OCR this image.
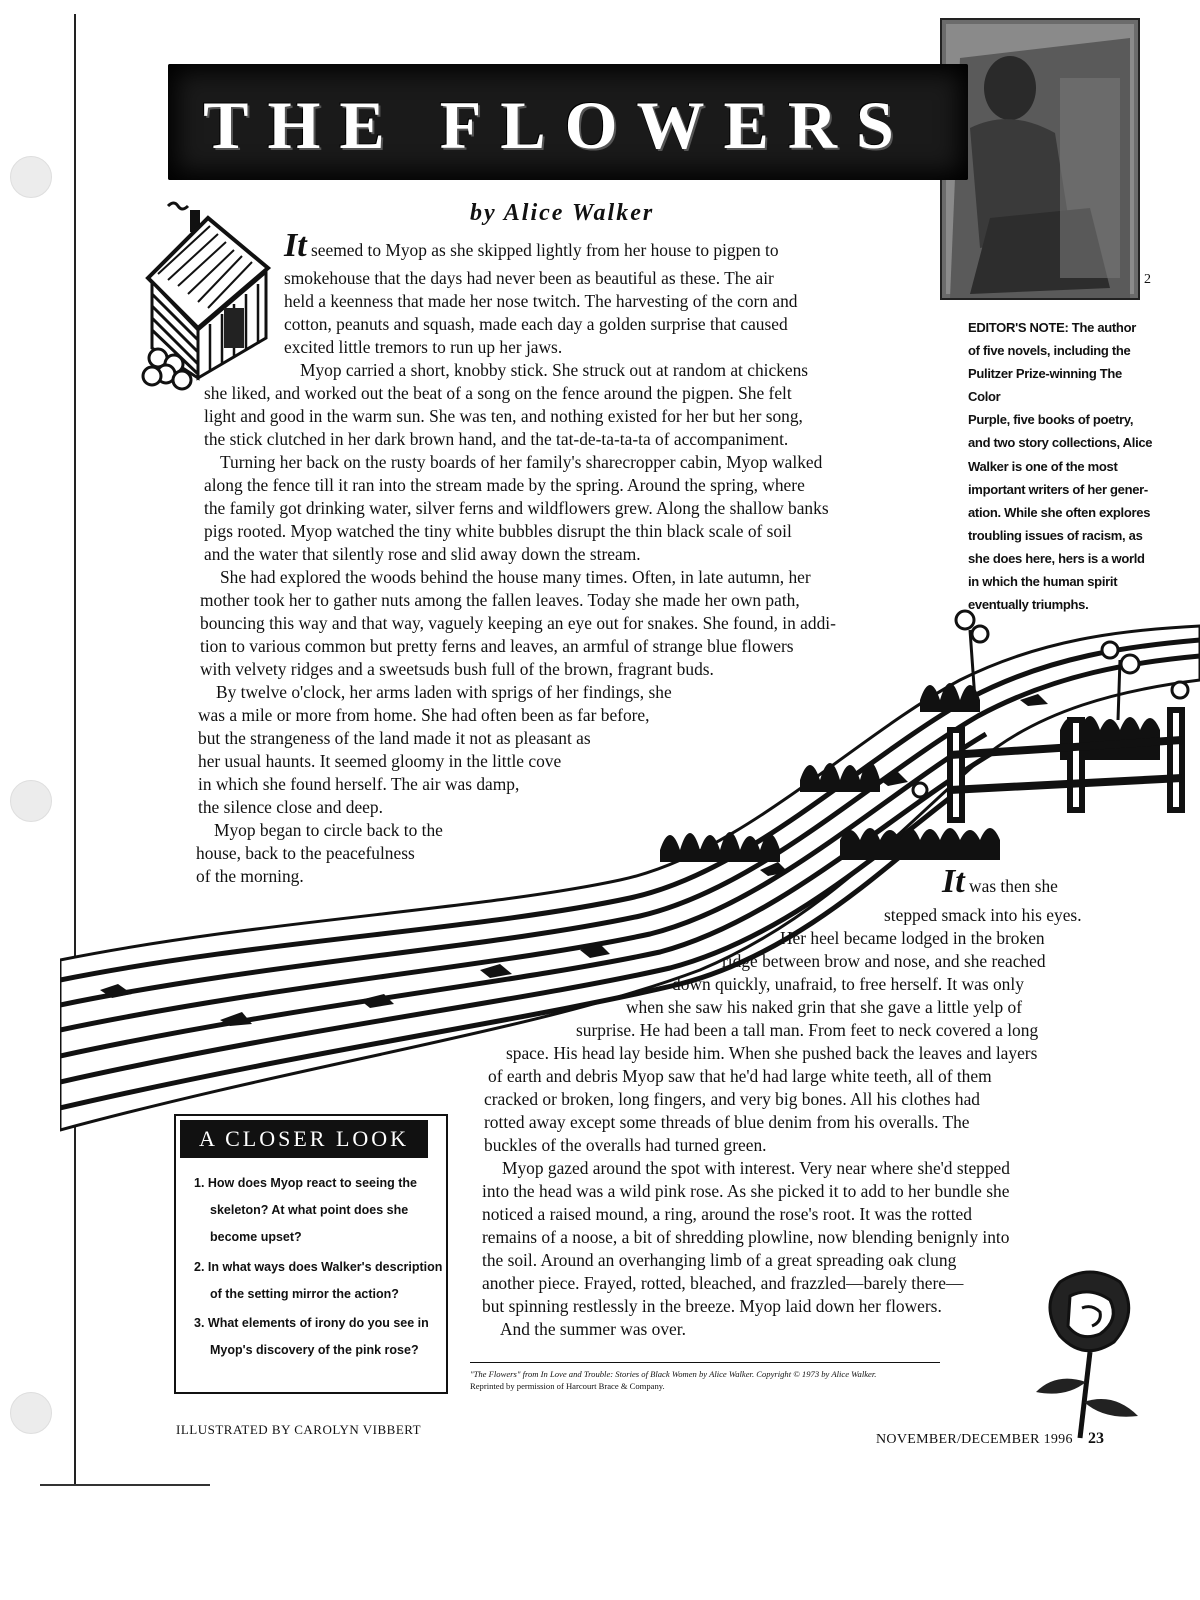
2
THE FLOWERS
by Alice Walker
It seemed to Myop as she skipped lightly from her house to pigpen to
smokehouse that the days had never been as beautiful as these. The air
held a keenness that made her nose twitch. The harvesting of the corn and
cotton, peanuts and squash, made each day a golden surprise that caused
excited little tremors to run up her jaws.
Myop carried a short, knobby stick. She struck out at random at chickens
she liked, and worked out the beat of a song on the fence around the pigpen. She felt
light and good in the warm sun. She was ten, and nothing existed for her but her song,
the stick clutched in her dark brown hand, and the tat-de-ta-ta-ta of accompaniment.
Turning her back on the rusty boards of her family's sharecropper cabin, Myop walked
along the fence till it ran into the stream made by the spring. Around the spring, where
the family got drinking water, silver ferns and wildflowers grew. Along the shallow banks
pigs rooted. Myop watched the tiny white bubbles disrupt the thin black scale of soil
and the water that silently rose and slid away down the stream.
She had explored the woods behind the house many times. Often, in late autumn, her
mother took her to gather nuts among the fallen leaves. Today she made her own path,
bouncing this way and that way, vaguely keeping an eye out for snakes. She found, in addi-
tion to various common but pretty ferns and leaves, an armful of strange blue flowers
with velvety ridges and a sweetsuds bush full of the brown, fragrant buds.
By twelve o'clock, her arms laden with sprigs of her findings, she
was a mile or more from home. She had often been as far before,
but the strangeness of the land made it not as pleasant as
her usual haunts. It seemed gloomy in the little cove
in which she found herself. The air was damp,
the silence close and deep.
Myop began to circle back to the
house, back to the peacefulness
of the morning.
EDITOR'S NOTE: The author
of five novels, including the
Pulitzer Prize-winning The Color
Purple, five books of poetry,
and two story collections, Alice
Walker is one of the most
important writers of her gener-
ation. While she often explores
troubling issues of racism, as
she does here, hers is a world
in which the human spirit
eventually triumphs.
It was then she
stepped smack into his eyes.
Her heel became lodged in the broken
ridge between brow and nose, and she reached
down quickly, unafraid, to free herself. It was only
when she saw his naked grin that she gave a little yelp of
surprise. He had been a tall man. From feet to neck covered a long
space. His head lay beside him. When she pushed back the leaves and layers
of earth and debris Myop saw that he'd had large white teeth, all of them
cracked or broken, long fingers, and very big bones. All his clothes had
rotted away except some threads of blue denim from his overalls. The
buckles of the overalls had turned green.
Myop gazed around the spot with interest. Very near where she'd stepped
into the head was a wild pink rose. As she picked it to add to her bundle she
noticed a raised mound, a ring, around the rose's root. It was the rotted
remains of a noose, a bit of shredding plowline, now blending benignly into
the soil. Around an overhanging limb of a great spreading oak clung
another piece. Frayed, rotted, bleached, and frazzled—barely there—
but spinning restlessly in the breeze. Myop laid down her flowers.
And the summer was over.
A CLOSER LOOK
1. How does Myop react to seeing the
skeleton? At what point does she
become upset?
2. In what ways does Walker's description
of the setting mirror the action?
3. What elements of irony do you see in
Myop's discovery of the pink rose?
"The Flowers" from In Love and Trouble: Stories of Black Women by Alice Walker. Copyright © 1973 by Alice Walker.
Reprinted by permission of Harcourt Brace & Company.
ILLUSTRATED BY CAROLYN VIBBERT
NOVEMBER/DECEMBER 1996 23
